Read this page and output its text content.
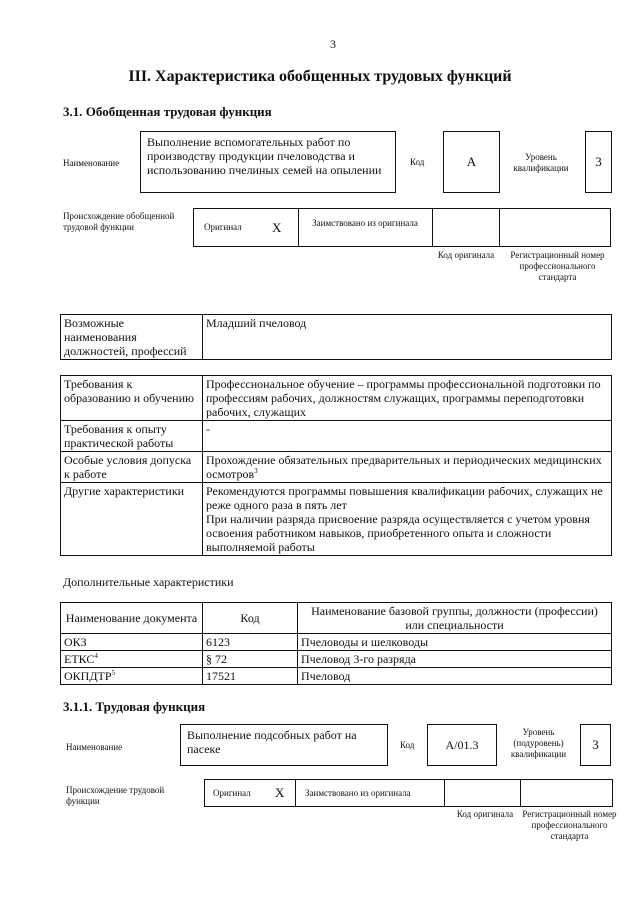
3
III. Характеристика обобщенных трудовых функций
3.1. Обобщенная трудовая функция
Наименование
Выполнение вспомогательных работ по производству продукции пчеловодства и использованию пчелиных семей на опылении
Код	А	Уровень квалификации	3
Происхождение обобщенной трудовой функции	Оригинал X	Заимствовано из оригинала
Код оригинала	Регистрационный номер профессионального стандарта
Возможные наименования должностей, профессий	Младший пчеловод
Требования к образованию и обучению	Профессиональное обучение – программы профессиональной подготовки по профессиям рабочих, должностям служащих, программы переподготовки рабочих, служащих
Требования к опыту практической работы	-
Особые условия допуска к работе	Прохождение обязательных предварительных и периодических медицинских осмотров$^3$
Другие характеристики	Рекомендуются программы повышения квалификации рабочих, служащих не реже одного раза в пять лет
При наличии разряда присвоение разряда осуществляется с учетом уровня освоения работником навыков, приобретенного опыта и сложности выполняемой работы
Дополнительные характеристики
Наименование документа	Код	Наименование базовой группы, должности (профессии) или специальности
ОКЗ	6123	Пчеловоды и шелководы
ЕТКС$^4$	§ 72	Пчеловод 3-го разряда
ОКПДТР$^5$	17521	Пчеловод
3.1.1. Трудовая функция
Наименование
Выполнение подсобных работ на пасеке	Код	A/01.3
Уровень (подуровень) квалификации
3
Происхождение трудовой функции
Оригинал X Заимствовано из оригинала
Код оригинала	Регистрационный номер профессионального стандарта
